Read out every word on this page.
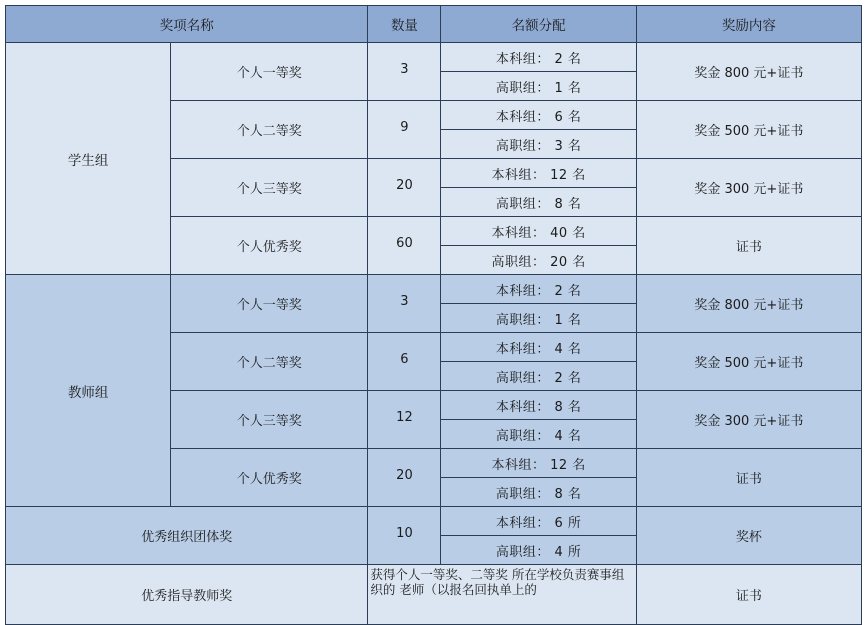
奖项名称		数量	名额分配	奖励内容
学生组	个人一等奖	3	本科组： 2 名	奖金 800 元+证书
			高职组： 1 名	
	个人二等奖	9	本科组： 6 名	奖金 500 元+证书
			高职组： 3 名	
	个人三等奖	20	本科组： 12 名	奖金 300 元+证书
			高职组： 8 名	
	个人优秀奖	60	本科组： 40 名	证书
			高职组： 20 名	
教师组	个人一等奖	3	本科组： 2 名	奖金 800 元+证书
			高职组： 1 名	
	个人二等奖	6	本科组： 4 名	奖金 500 元+证书
			高职组： 2 名	
	个人三等奖	12	本科组： 8 名	奖金 300 元+证书
			高职组： 4 名	
	个人优秀奖	20	本科组： 12 名	证书
			高职组： 8 名	
优秀组织团体奖		10	本科组： 6 所	奖杯
			高职组： 4 所	
优秀指导教师奖		获得个人一等奖、二等奖 所在学校负责赛事组织的 老师（以报名回执单上的		证书
